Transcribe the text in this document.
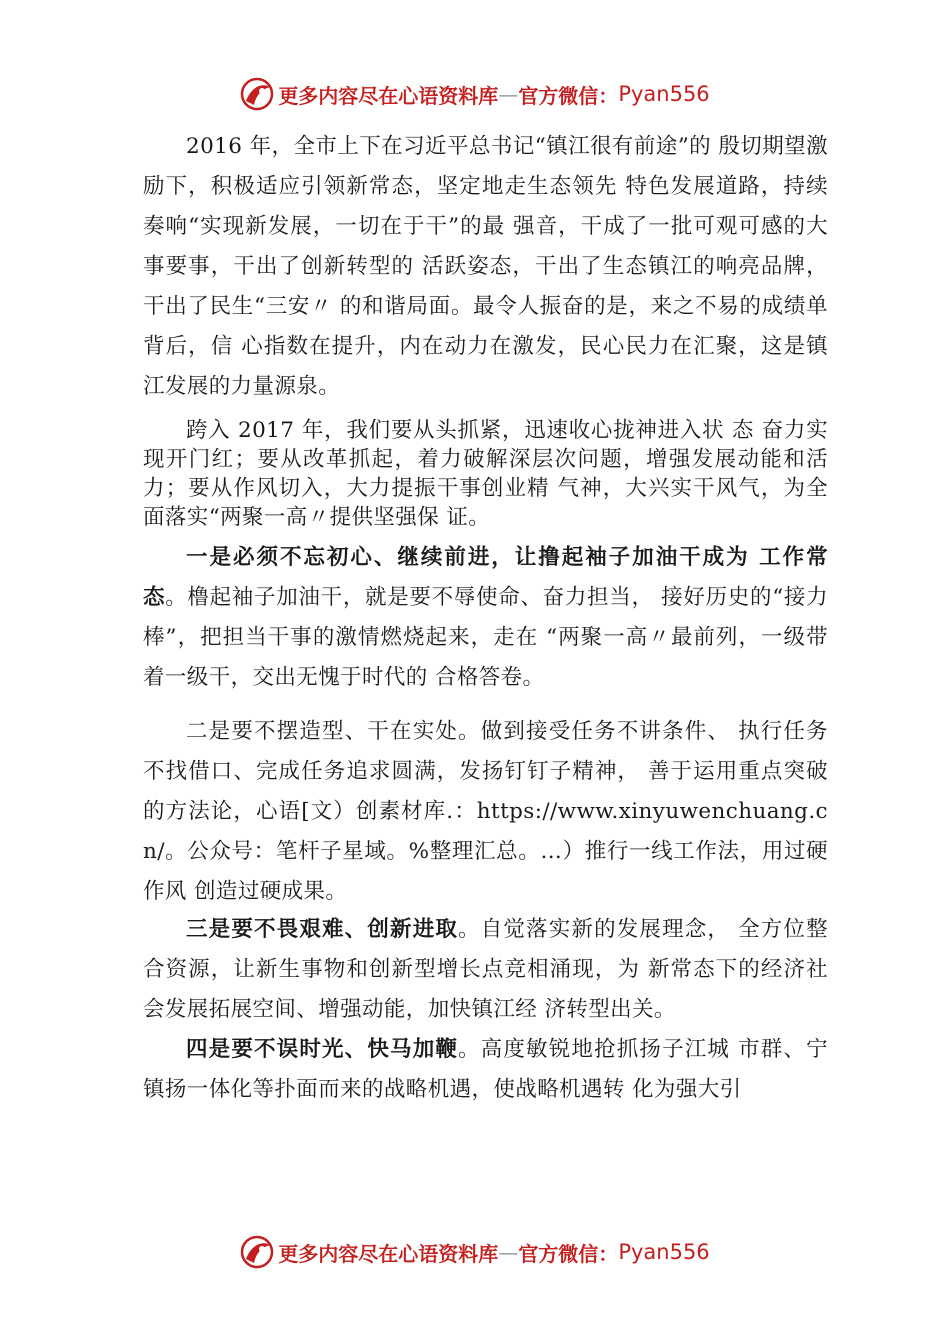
更多内容尽在心语资料库 — 官方微信： Pyan556

2016 年，全市上下在习近平总书记“镇江很有前途”的 殷切期望激励下，积极适应引领新常态，坚定地走生态领先 特色发展道路，持续奏响“实现新发展，一切在于干”的最 强音，干成了一批可观可感的大事要事，干出了创新转型的 活跃姿态，干出了生态镇江的响亮品牌，干出了民生“三安〃 的和谐局面。最令人振奋的是，来之不易的成绩单背后，信 心指数在提升，内在动力在激发，民心民力在汇聚，这是镇 江发展的力量源泉。

跨入 2017 年，我们要从头抓紧，迅速收心拢神进入状 态 奋力实现开门红；要从改革抓起，着力破解深层次问题，增强发展动能和活力；要从作风切入，大力提振干事创业精 气神，大兴实干风气，为全面落实“两聚一高〃提供坚强保 证。

一是必须不忘初心、继续前进，让撸起袖子加油干成为 工作常态。橹起袖子加油干，就是要不辱使命、奋力担当， 接好历史的“接力棒”，把担当干事的激情燃烧起来，走在 “两聚一高〃最前列，一级带着一级干，交出无愧于时代的 合格答卷。

二是要不摆造型、干在实处。做到接受任务不讲条件、 执行任务不找借口、完成任务追求圆满，发扬钉钉子精神， 善于运用重点突破的方法论，心语[文）创素材库.：https://www.xinyuwenchuang.cn/。公众号：笔杆子星域。%整理汇总。…）推行一线工作法，用过硬作风 创造过硬成果。

三是要不畏艰难、创新进取。自觉落实新的发展理念， 全方位整合资源，让新生事物和创新型增长点竞相涌现，为 新常态下的经济社会发展拓展空间、增强动能，加快镇江经 济转型出关。

四是要不误时光、快马加鞭。高度敏锐地抢抓扬子江城 市群、宁镇扬一体化等扑面而来的战略机遇，使战略机遇转 化为强大引

更多内容尽在心语资料库 — 官方微信： Pyan556
